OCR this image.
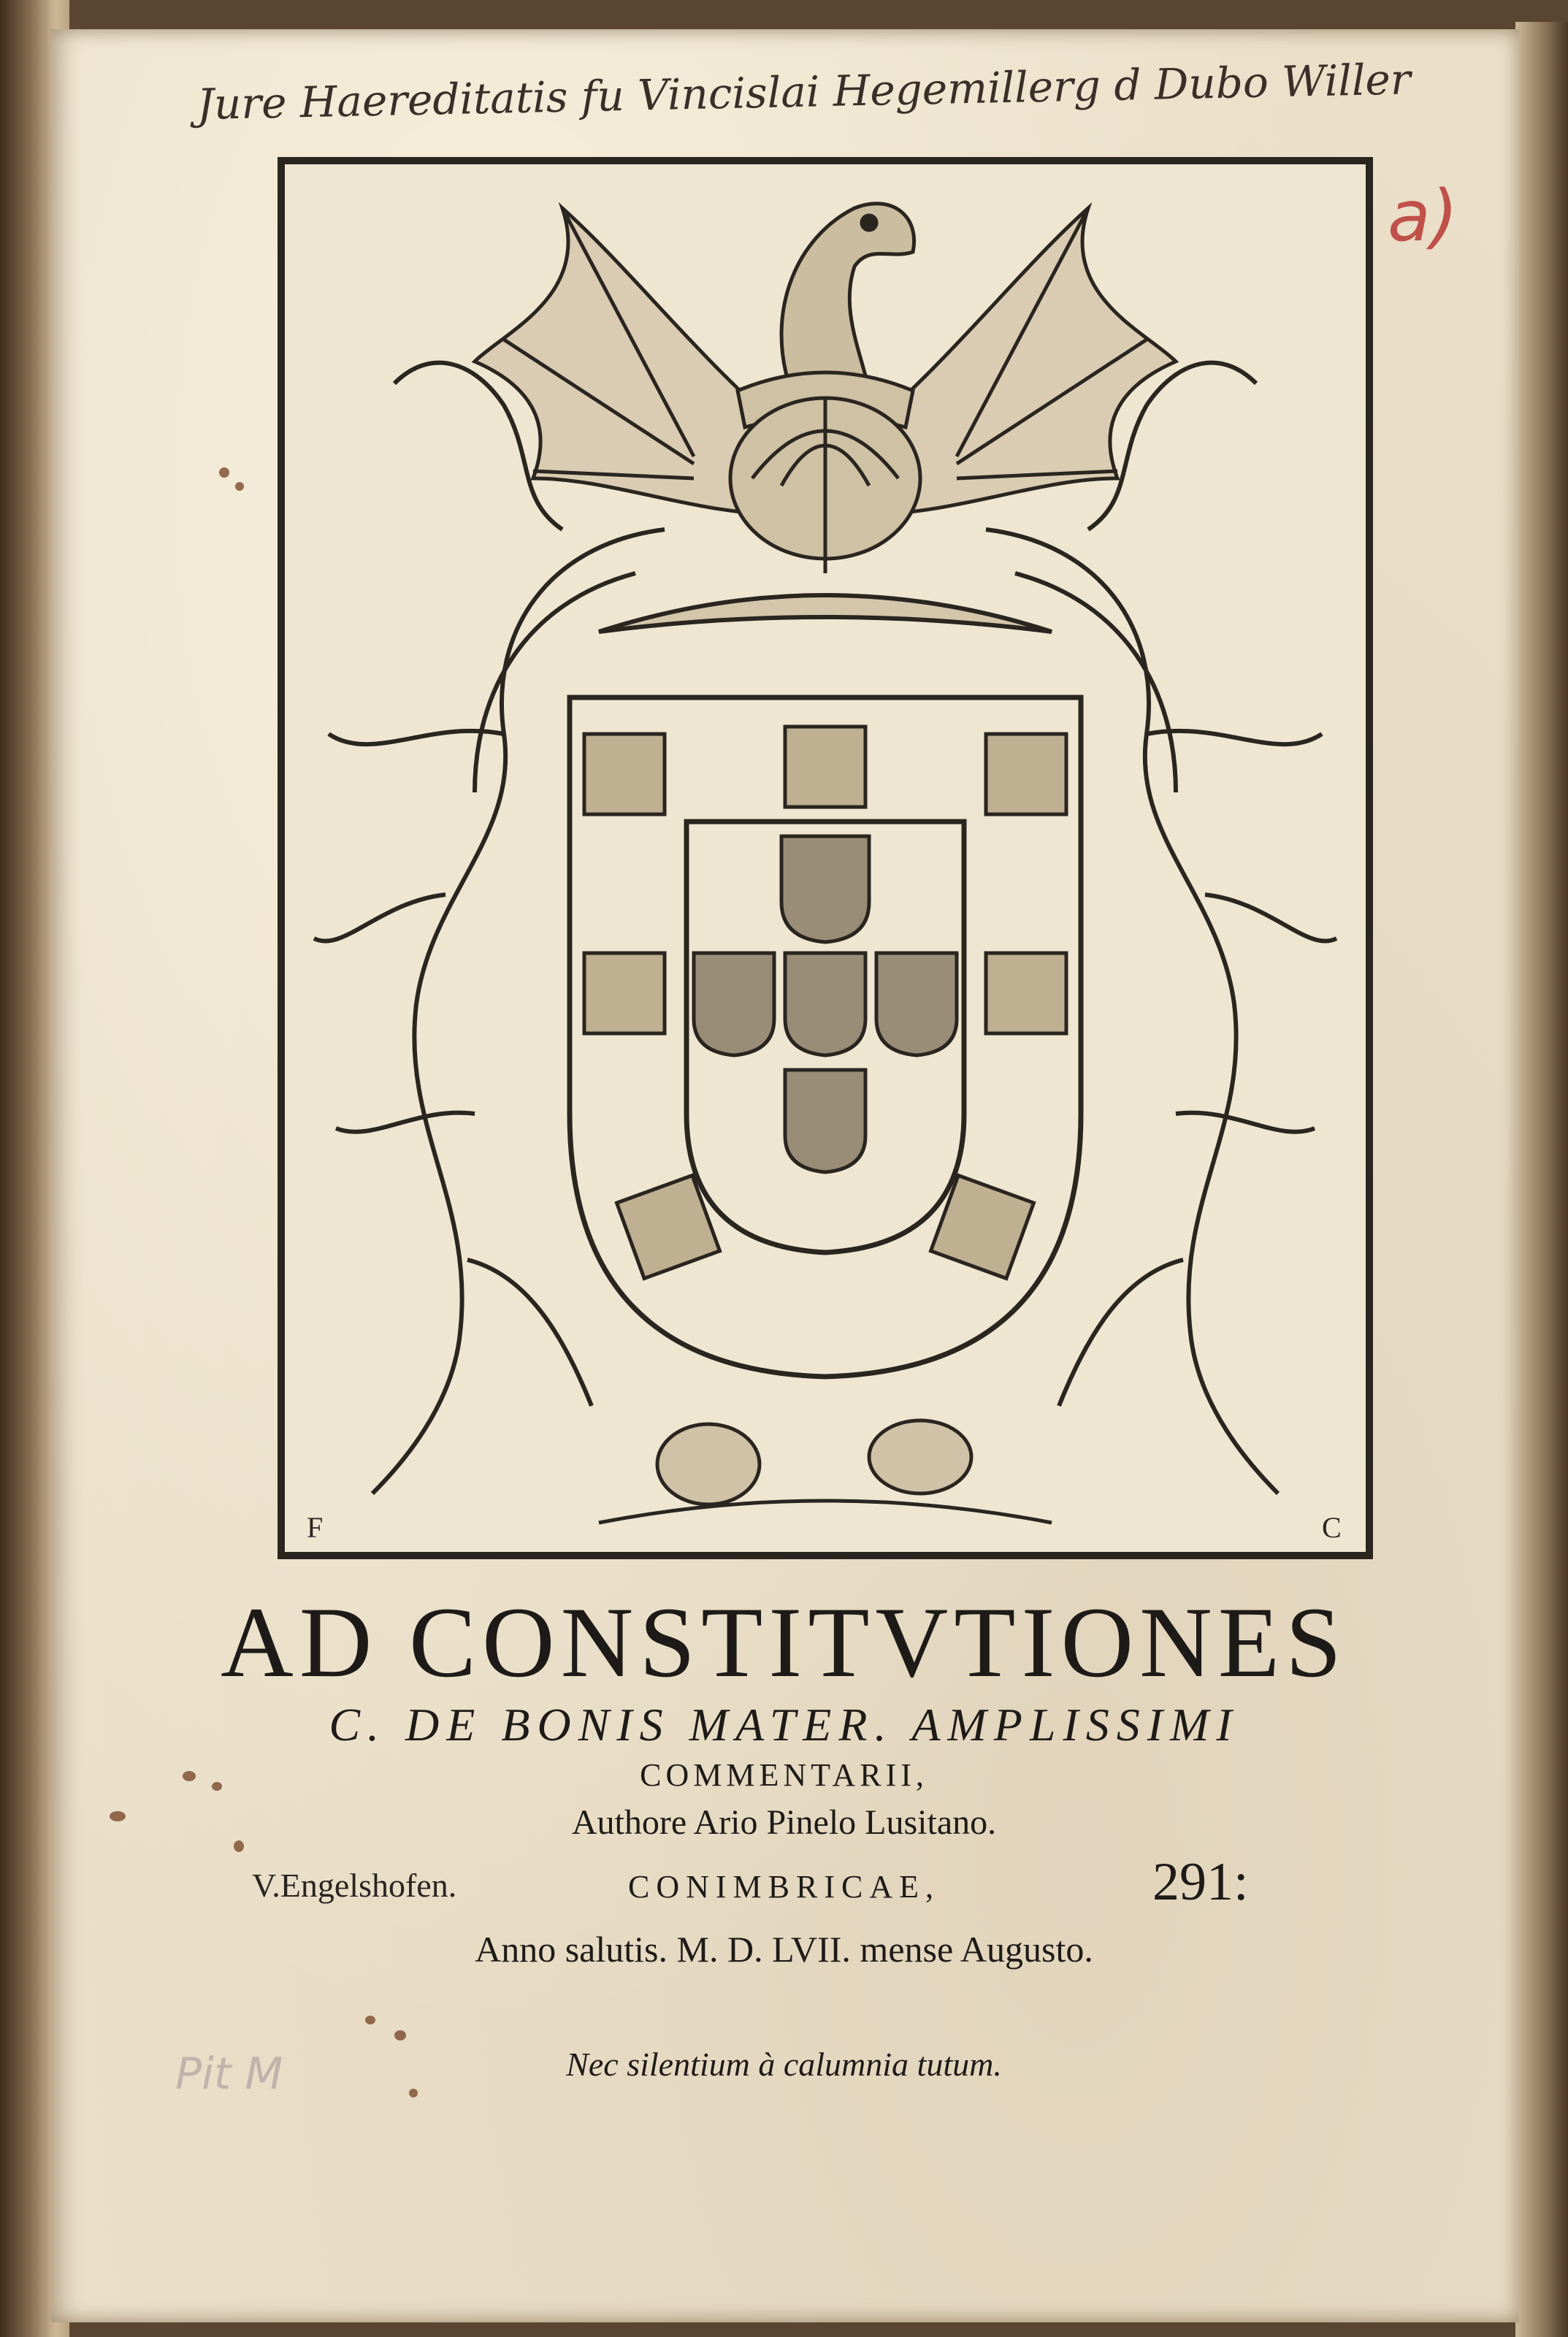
Jure Haereditatis fu Vincislai Hegemillerg d Dubo Willer
a)
F	C
AD CONSTITVTIONES
C. DE BONIS MATER. AMPLISSIMI
COMMENTARII,
Authore Ario Pinelo Lusitano.
V.Engelshofen.	CONIMBRICAE,	291:
Anno salutis. M. D. LVII. mense Augusto.
Nec silentium à calumnia tutum.
Pit M
